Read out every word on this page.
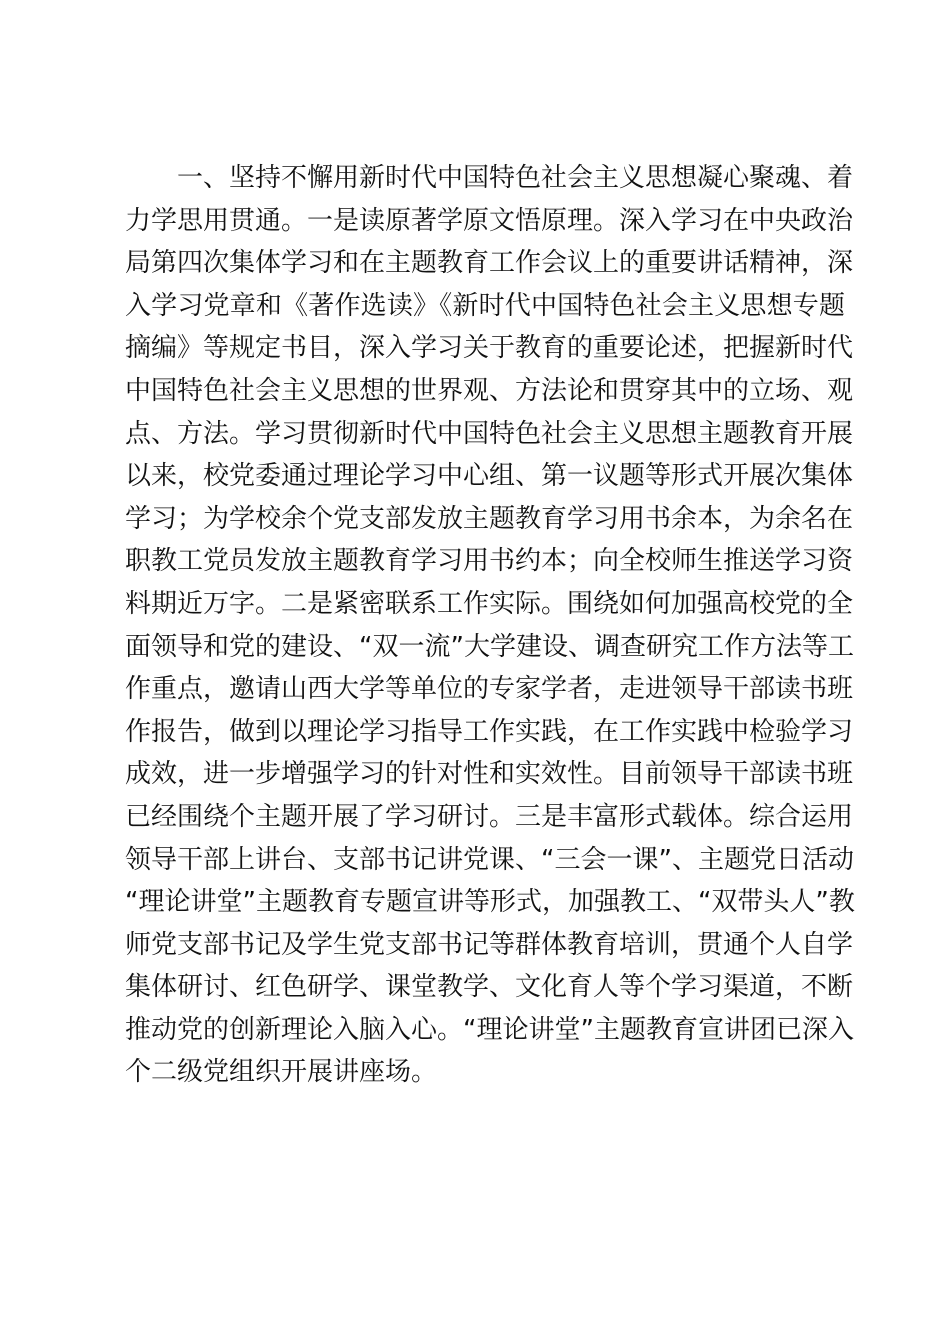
一、坚持不懈用新时代中国特色社会主义思想凝心聚魂、着
力学思用贯通。一是读原著学原文悟原理。深入学习在中央政治
局第四次集体学习和在主题教育工作会议上的重要讲话精神，深
入学习党章和《著作选读》《新时代中国特色社会主义思想专题
摘编》等规定书目，深入学习关于教育的重要论述，把握新时代
中国特色社会主义思想的世界观、方法论和贯穿其中的立场、观
点、方法。学习贯彻新时代中国特色社会主义思想主题教育开展
以来，校党委通过理论学习中心组、第一议题等形式开展次集体
学习；为学校余个党支部发放主题教育学习用书余本，为余名在
职教工党员发放主题教育学习用书约本；向全校师生推送学习资
料期近万字。二是紧密联系工作实际。围绕如何加强高校党的全
面领导和党的建设、“双一流”大学建设、调查研究工作方法等工
作重点，邀请山西大学等单位的专家学者，走进领导干部读书班
作报告，做到以理论学习指导工作实践，在工作实践中检验学习
成效，进一步增强学习的针对性和实效性。目前领导干部读书班
已经围绕个主题开展了学习研讨。三是丰富形式载体。综合运用
领导干部上讲台、支部书记讲党课、“三会一课”、主题党日活动
“理论讲堂”主题教育专题宣讲等形式，加强教工、“双带头人”教
师党支部书记及学生党支部书记等群体教育培训，贯通个人自学
集体研讨、红色研学、课堂教学、文化育人等个学习渠道，不断
推动党的创新理论入脑入心。“理论讲堂”主题教育宣讲团已深入
个二级党组织开展讲座场。
